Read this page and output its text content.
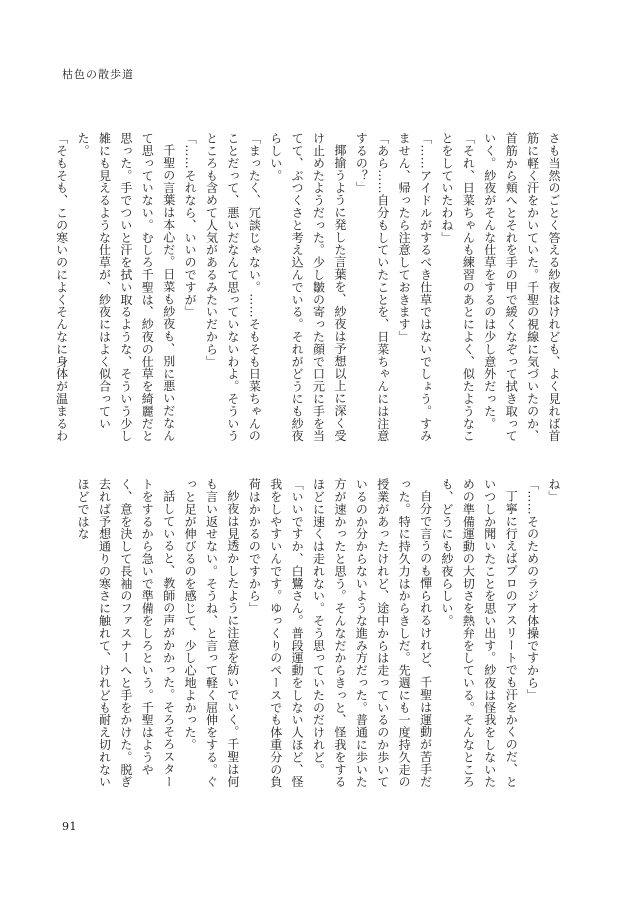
枯色の散歩道

さも当然のごとく答える紗夜はけれども、よく見れば首筋に軽く汗をかいていた。千聖の視線に気づいたのか、首筋から頬へとそれを手の甲で緩くなぞって拭き取っていく。紗夜がそんな仕草をするのは少し意外だった。

「それ、日菜ちゃんも練習のあとによく、似たようなことをしていたわね」

「……アイドルがするべき仕草ではないでしょう。すみません、帰ったら注意しておきます」

「あら……自分もしていたことを、日菜ちゃんには注意するの？」

揶揄うように発した言葉を、紗夜は予想以上に深く受け止めたようだった。少し皺の寄った顔で口元に手を当てて、ぶつくさと考え込んでいる。それがどうにも紗夜らしい。

「まったく、冗談じゃない。……そもそも日菜ちゃんのことだって、悪いだなんて思っていないわよ。そういうところも含めて人気があるみたいだから」

「……それなら、いいのですが」

千聖の言葉は本心だ。日菜も紗夜も、別に悪いだなんて思っていない。むしろ千聖は、紗夜の仕草を綺麗だと思った。手でついと汗を拭い取るような、そういう少し雑にも見えるような仕草が、紗夜にはよく似合っていた。

「そもそも、この寒いのによくそんなに身体が温まるわ

ね」

「……そのためのラジオ体操ですから」

丁寧に行えばプロのアスリートでも汗をかくのだ、といつしか聞いたことを思い出す。紗夜は怪我をしないための準備運動の大切さを熱弁をしている。そんなところも、どうにも紗夜らしい。

自分で言うのも憚られるけれど、千聖は運動が苦手だった。特に持久力はからきしだ。先週にも一度持久走の授業があったけれど、途中からは走っているのか歩いているのか分からないような進み方だった。普通に歩いた方が速かったと思う。そんなだからきっと、怪我をするほどに速くは走れない。そう思っていたのだけれど。

「いいですか、白鷺さん。普段運動をしない人ほど、怪我をしやすいんです。ゆっくりのペースでも体重分の負荷はかかるのですから」

紗夜は見透かしたように注意を紡いでいく。千聖は何も言い返せない。そうね、と言って軽く屈伸をする。ぐっと足が伸びるのを感じて、少し心地よかった。

話していると、教師の声がかかった。そろそろスタートをするから急いで準備をしろという。千聖はようやく、意を決して長袖のファスナーへと手をかけた。脱ぎ去れば予想通りの寒さに触れて、けれども耐え切れないほどではな

91
